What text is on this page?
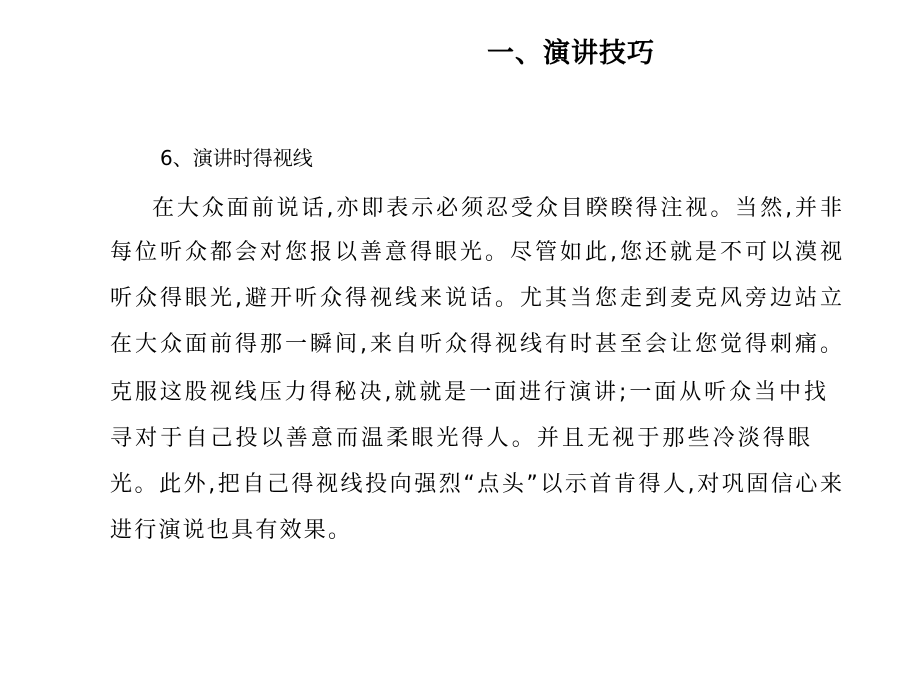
一、演讲技巧
6、演讲时得视线
在大众面前说话,亦即表示必须忍受众目睽睽得注视。当然,并非
每位听众都会对您报以善意得眼光。尽管如此,您还就是不可以漠视
听众得眼光,避开听众得视线来说话。尤其当您走到麦克风旁边站立
在大众面前得那一瞬间,来自听众得视线有时甚至会让您觉得刺痛。
克服这股视线压力得秘决,就就是一面进行演讲;一面从听众当中找
寻对于自己投以善意而温柔眼光得人。并且无视于那些冷淡得眼
光。此外,把自己得视线投向强烈“点头”以示首肯得人,对巩固信心来
进行演说也具有效果。
